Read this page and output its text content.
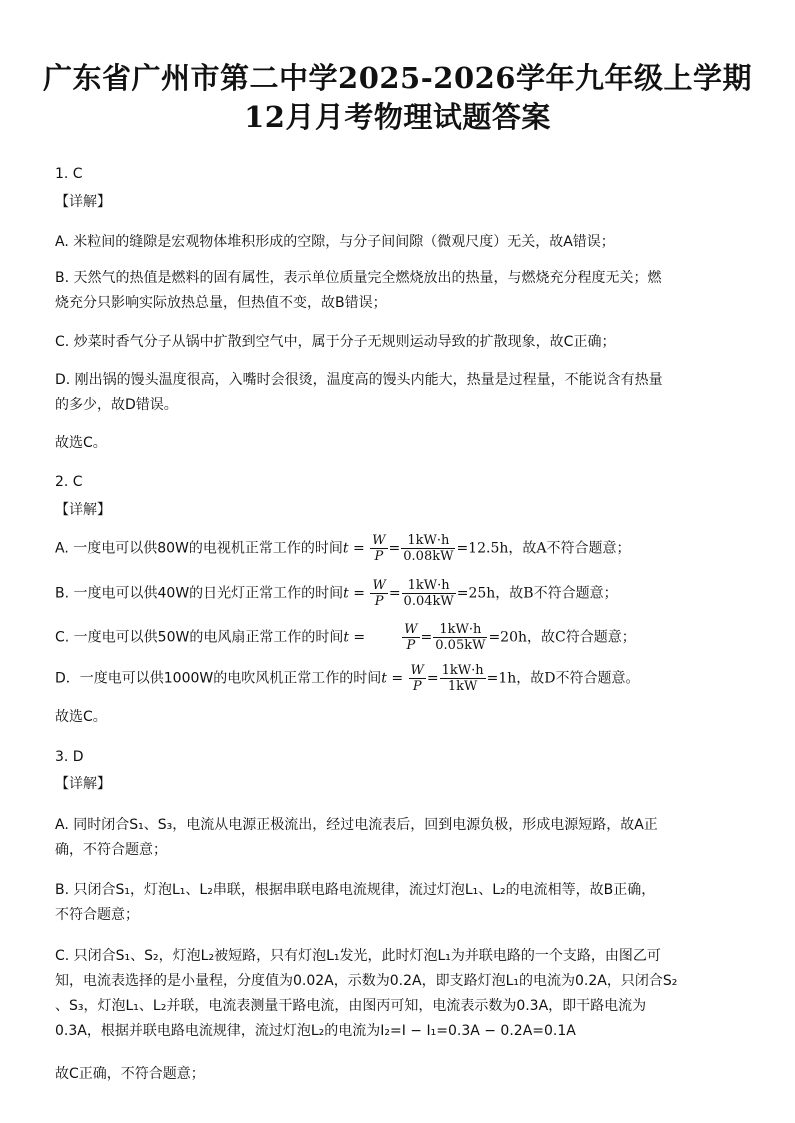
广东省广州市第二中学2025-2026学年九年级上学期
12月月考物理试题答案
1. C
【详解】
A. 米粒间的缝隙是宏观物体堆积形成的空隙，与分子间间隙（微观尺度）无关，故A错误；
B. 天然气的热值是燃料的固有属性，表示单位质量完全燃烧放出的热量，与燃烧充分程度无关；燃
烧充分只影响实际放热总量，但热值不变，故B错误；
C. 炒菜时香气分子从锅中扩散到空气中，属于分子无规则运动导致的扩散现象，故C正确；
D. 刚出锅的馒头温度很高，入嘴时会很烫，温度高的馒头内能大，热量是过程量，不能说含有热量
的多少，故D错误。
故选C。
2. C
【详解】
A. 一度电可以供80W的电视机正常工作的时间$t = \frac{W}{P} = \frac{1kW\cdot h}{0.08kW} =12.5h$，故A不符合题意；
B. 一度电可以供40W的日光灯正常工作的时间$t = \frac{W}{P} = \frac{1kW\cdot h}{0.04kW} =25h$，故B不符合题意；
C. 一度电可以供50W的电风扇正常工作的时间t =	$\frac{W}{P} = \frac{1kW\cdot h}{0.05kW} =20h$，故C符合题意；
D．一度电可以供1000W的电吹风机正常工作的时间$t = \frac{W}{P} = \frac{1kW\cdot h}{1kW} =1h$，故D不符合题意。
故选C。
3. D
【详解】
A. 同时闭合S₁、S₃，电流从电源正极流出，经过电流表后，回到电源负极，形成电源短路，故A正
确，不符合题意；
B. 只闭合S₁，灯泡L₁、L₂串联，根据串联电路电流规律，流过灯泡L₁、L₂的电流相等，故B正确，
不符合题意；
C. 只闭合S₁、S₂，灯泡L₂被短路，只有灯泡L₁发光，此时灯泡L₁为并联电路的一个支路，由图乙可
知，电流表选择的是小量程，分度值为0.02A，示数为0.2A，即支路灯泡L₁的电流为0.2A，只闭合S₂
、S₃，灯泡L₁、L₂并联，电流表测量干路电流，由图丙可知，电流表示数为0.3A，即干路电流为
0.3A，根据并联电路电流规律，流过灯泡L₂的电流为I₂=I − I₁=0.3A − 0.2A=0.1A
故C正确，不符合题意；
